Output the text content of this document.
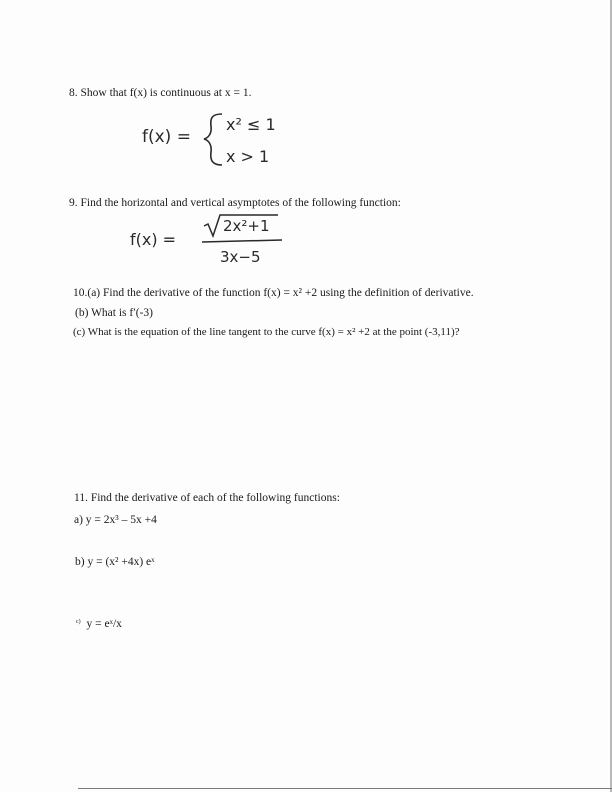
8. Show that f(x) is continuous at x = 1.
f(x) =
x² ≤ 1
x > 1
9. Find the horizontal and vertical asymptotes of the following function:
f(x) =
2x²+1
3x−5
10.(a) Find the derivative of the function f(x) = x² +2 using the definition of derivative.
(b) What is f′(-3)
(c) What is the equation of the line tangent to the curve f(x) = x² +2 at the point (-3,11)?
11. Find the derivative of each of the following functions:
a) y = 2x³ – 5x +4
b) y = (x² +4x) eˣ
$^{c)}$ y = eˣ/x
